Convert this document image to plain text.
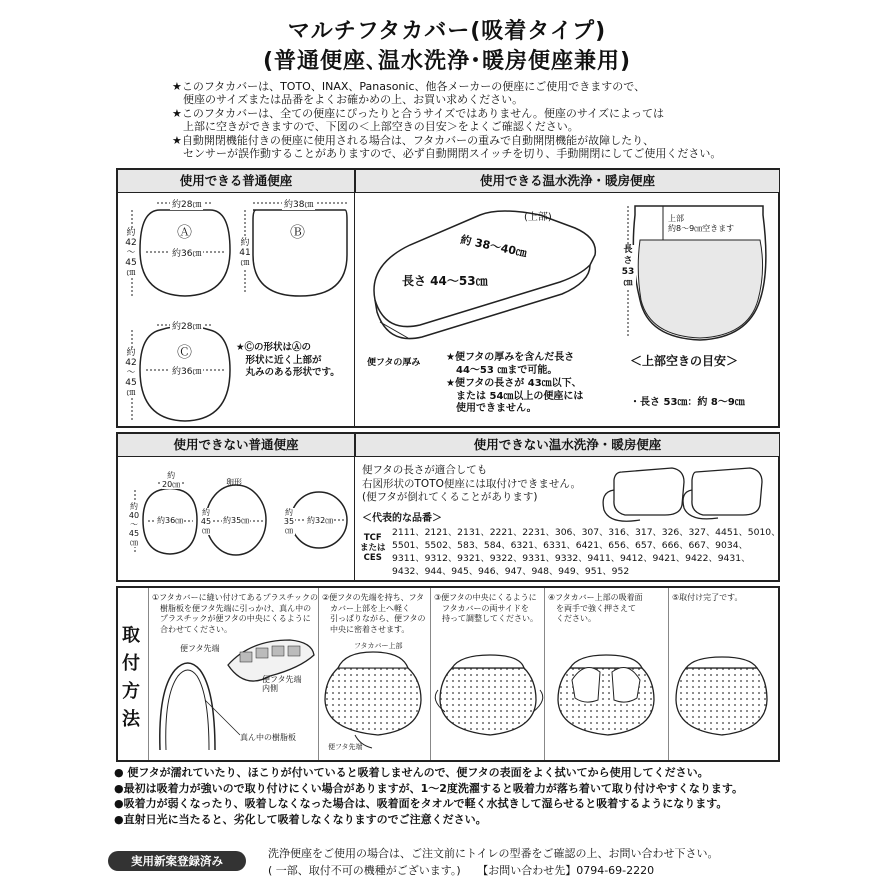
マルチフタカバー(吸着タイプ)
(普通便座､温水洗浄･暖房便座兼用)

★このフタカバーは、TOTO、INAX、Panasonic、他各メーカーの便座にご使用できますので、

　便座のサイズまたは品番をよくお確かめの上、お買い求めください。

★このフタカバーは、全ての便座にぴったりと合うサイズではありません。便座のサイズによっては

　上部に空きができますので、下図の＜上部空きの目安＞をよくご確認ください。

★自動開閉機能付きの便座に使用される場合は、フタカバーの重みで自動開閉機能が故障したり、

　センサーが誤作動することがありますので、必ず自動開閉スイッチを切り、手動開閉にしてご使用ください。

使用できる普通便座	使用できる温水洗浄・暖房便座
約28㎝
約
42
〜
45
㎝
Ⓐ
約36㎝
約38㎝
約
41
㎝
Ⓑ
約28㎝
約
42
〜
45
㎝
Ⓒ
約36㎝
★Ⓒの形状はⒶの
　形状に近く上部が
　丸みのある形状です。
(上部)
約 38〜40㎝
長さ 44〜53㎝
便フタの厚み	★便フタの厚みを含んだ長さ
　44〜53 ㎝まで可能。
★便フタの長さが 43㎝以下、
　または 54㎝以上の便座には
　使用できません。
長
さ
53
㎝
上部
約8〜9㎝空きます
＜上部空きの目安＞

・長さ 53㎝：約 8〜9㎝

使用できない普通便座	使用できない温水洗浄・暖房便座
約
20㎝
約
40
〜
45
㎝
約36㎝
卵形
約
45
㎝
約35㎝
約
35
㎝
約32㎝
便フタの長さが適合しても
右図形状のTOTO便座には取付けできません。
(便フタが倒れてくることがあります)
＜代表的な品番＞
TCF
または
CES
2111、2121、2131、2221、2231、306、307、316、317、326、327、4451、5010、
5501、5502、583、584、6321、6331、6421、656、657、666、667、9034、
9311、9312、9321、9322、9331、9332、9411、9412、9421、9422、9431、
9432、944、945、946、947、948、949、951、952
取
付
方
法
①フタカバーに縫い付けてあるプラスチックの
　樹脂板を便フタ先端に引っかけ、真ん中の
　プラスチックが便フタの中央にくるように
　合わせてください。
②便フタの先端を持ち、フタ
　カバー上部を上へ軽く
　引っぱりながら、便フタの
　中央に密着させます。
③便フタの中央にくるように
　フタカバーの両サイドを
　持って調整してください。
④フタカバー上部の吸着面
　を両手で強く押さえて
　ください。
⑤取付け完了です。
便フタ先端
便フタ先端
内側
真ん中の樹脂板
フタカバー上部
便フタ先端

● 便フタが濡れていたり、ほこりが付いていると吸着しませんので、便フタの表面をよく拭いてから使用してください。

●最初は吸着力が強いので取り付けにくい場合がありますが、1〜2度洗濯すると吸着力が落ち着いて取り付けやすくなります。

●吸着力が弱くなったり、吸着しなくなった場合は、吸着面をタオルで軽く水拭きして湿らせると吸着するようになります。

●直射日光に当たると、劣化して吸着しなくなりますのでご注意ください。

実用新案登録済み

洗浄便座をご使用の場合は、ご注文前にトイレの型番をご確認の上、お問い合わせ下さい。

( 一部、取付不可の機種がございます。)　　【お問い合わせ先】0794-69-2220
